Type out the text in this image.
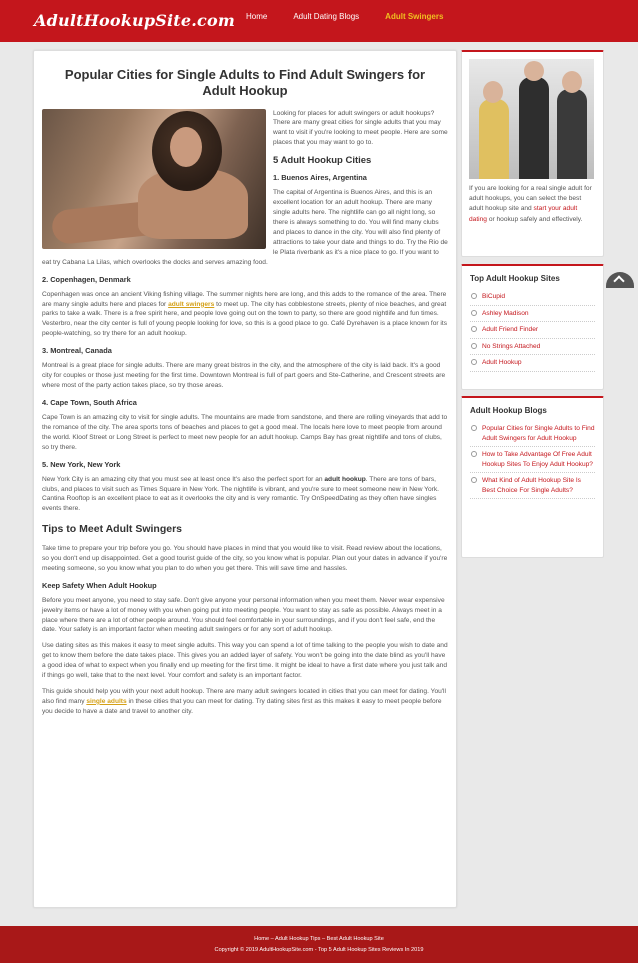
AdultHookupSite.com Home	Adult Dating Blogs	Adult Swingers
Popular Cities for Single Adults to Find Adult Swingers for Adult Hookup

Looking for places for adult swingers or adult hookups? There are many great cities for single adults that you may want to visit if you're looking to meet people. Here are some places that you may want to go to.

5 Adult Hookup Cities
1. Buenos Aires, Argentina

The capital of Argentina is Buenos Aires, and this is an excellent location for an adult hookup. There are many single adults here. The nightlife can go all night long, so there is always something to do. You will find many clubs and places to dance in the city. You will also find plenty of attractions to take your date and things to do. Try the Rio de le Plata riverbank as it's a nice place to go. If you want to eat try Cabana La Lilas, which overlooks the docks and serves amazing food.

2. Copenhagen, Denmark

Copenhagen was once an ancient Viking fishing village. The summer nights here are long, and this adds to the romance of the area. There are many single adults here and places for adult swingers to meet up. The city has cobblestone streets, plenty of nice beaches, and great parks to take a walk. There is a free spirit here, and people love going out on the town to party, so there are good nightlife and fun times. Vesterbro, near the city center is full of young people looking for love, so this is a good place to go. Café Dyrehaven is a place known for its people-watching, so try there for an adult hookup.

3. Montreal, Canada

Montreal is a great place for single adults. There are many great bistros in the city, and the atmosphere of the city is laid back. It's a good city for couples or those just meeting for the first time. Downtown Montreal is full of part goers and Ste-Catherine, and Crescent streets are where most of the party action takes place, so try those areas.

4. Cape Town, South Africa

Cape Town is an amazing city to visit for single adults. The mountains are made from sandstone, and there are rolling vineyards that add to the romance of the city. The area sports tons of beaches and places to get a good meal. The locals here love to meet people from around the world. Kloof Street or Long Street is perfect to meet new people for an adult hookup. Camps Bay has great nightlife and tons of clubs, so try there.

5. New York, New York

New York City is an amazing city that you must see at least once It's also the perfect sport for an adult hookup. There are tons of bars, clubs, and places to visit such as Times Square in New York. The nightlife is vibrant, and you're sure to meet someone new in New York. Cantina Rooftop is an excellent place to eat as it overlooks the city and is very romantic. Try OnSpeedDating as they often have singles events there.

Tips to Meet Adult Swingers

Take time to prepare your trip before you go. You should have places in mind that you would like to visit. Read review about the locations, so you don't end up disappointed. Get a good tourist guide of the city, so you know what is popular. Plan out your dates in advance if you're meeting someone, so you know what you plan to do when you get there. This will save time and hassles.

Keep Safety When Adult Hookup

Before you meet anyone, you need to stay safe. Don't give anyone your personal information when you meet them. Never wear expensive jewelry items or have a lot of money with you when going put into meeting people. You want to stay as safe as possible. Always meet in a place where there are a lot of other people around. You should feel comfortable in your surroundings, and if you don't feel safe, end the date. Your safety is an important factor when meeting adult swingers or for any sort of adult hookup.

Use dating sites as this makes it easy to meet single adults. This way you can spend a lot of time talking to the people you wish to date and get to know them before the date takes place. This gives you an added layer of safety. You won't be going into the date blind as you'll have a good idea of what to expect when you finally end up meeting for the first time. It might be ideal to have a first date where you just talk and if things go well, take that to the next level. Your comfort and safety is an important factor.

This guide should help you with your next adult hookup. There are many adult swingers located in cities that you can meet for dating. You'll also find many single adults in these cities that you can meet for dating. Try dating sites first as this makes it easy to meet people before you decide to have a date and travel to another city.

If you are looking for a real single adult for adult hookups, you can select the best adult hookup site and start your adult dating or hookup safely and effectively.

Top Adult Hookup Sites
BiCupid
Ashley Madison
Adult Friend Finder
No Strings Attached
Adult Hookup
Adult Hookup Blogs
Popular Cities for Single Adults to Find Adult Swingers for Adult Hookup
How to Take Advantage Of Free Adult Hookup Sites To Enjoy Adult Hookup?
What Kind of Adult Hookup Site Is Best Choice For Single Adults?
Home – Adult Hookup Tips – Best Adult Hookup Site
Copyright © 2019 AdultHookupSite.com - Top 5 Adult Hookup Sites Reviews In 2019
